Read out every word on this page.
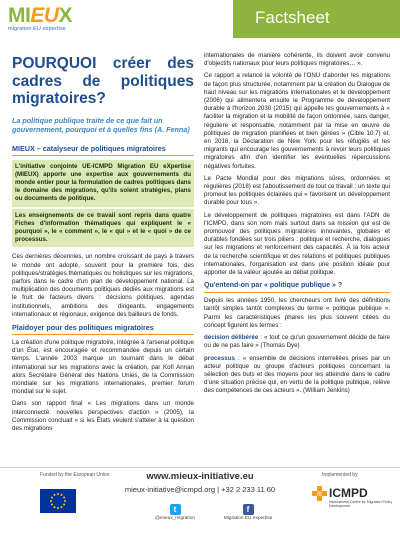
MIEUX
migration EU expertise
Factsheet
POURQUOI créer des cadres de politiques migratoires?
La politique publique traite de ce que fait un gouvernement, pourquoi et à quelles fins (A. Fenna)
MIEUX – catalyseur de politiques migratoires
L'initiative conjointe UE-ICMPD Migration EU eXpertise (MIEUX) apporte une expertise aux gouvernements du monde entier pour la formulation de cadres politiques dans le domaine des migrations, qu'ils soient stratégies, plans ou documents de politique.
Les enseignements de ce travail sont repris dans quatre Fiches d'information thématiques qui expliquent le « pourquoi », le « comment », le « qui » et le « quoi » de ce processus.

Ces dernières décennies, un nombre croissant de pays à travers le monde ont adopté, souvent pour la première fois, des politiques/stratégies thématiques ou holistiques sur les migrations, parfois dans le cadre d'un plan de développement national. La multiplication des documents politiques dédiés aux migrations est le fruit de facteurs divers : décisions politiques, agendas institutionnels, ambitions des dirigeants, engagements internationaux et régionaux, exigence des bailleurs de fonds.

Plaidoyer pour des politiques migratoires

La création d'une politique migratoire, intégrée à l'arsenal politique d'un État, est encouragée et recommandée depuis un certain temps. L'année 2003 marque un tournant dans le débat international sur les migrations avec la création, par Kofi Annan alors Secrétaire Général des Nations Unies, de la Commission mondiale sur les migrations internationales, premier forum mondial sur le sujet.

Dans son rapport final « Les migrations dans un monde interconnecté: nouvelles perspectives d'action » (2005), la Commission concluait « si les États veulent s'atteler à la question des migrations

internationales de manière cohérente, ils doivent avoir convenu d'objectifs nationaux pour leurs politiques migratoires… ».

Ce rapport a relancé la volonté de l'ONU d'aborder les migrations de façon plus structurée, notamment par la création du Dialogue de haut niveau sur les migrations internationales et le développement (2006) qui alimentera ensuite le Programme de développement durable à l'horizon 2030 (2015) qui appelle les gouvernements à « faciliter la migration et la mobilité de façon ordonnée, sans danger, régulière et responsable, notamment par la mise en œuvre de politiques de migration planifiées et bien gérées » (Cible 10.7) et, en 2016, la Déclaration de New York pour les réfugiés et les migrants qui encourage les gouvernements à revoir leurs politiques migratoires afin d'en identifier les éventuelles répercussions négatives fortuites.

Le Pacte Mondial pour des migrations sûres, ordonnées et régulières (2018) est l'aboutissement de tout ce travail : un texte qui promeut les politiques éclairées qui « favorisent un développement durable pour tous ».

Le développement de politiques migratoires est dans l'ADN de l'ICMPD, dans son nom mais surtout dans sa mission qui est de promouvoir des politiques migratoires innovantes, globales et durables fondées sur trois piliers : politique et recherche, dialogues sur les migrations et renforcement des capacités. À la fois acteur de la recherche scientifique et des relations et politiques publiques internationales, l'organisation est dans une position idéale pour apporter de la valeur ajoutée au débat politique.

Qu'entend-on par « politique publique » ?

Depuis les années 1950, les chercheurs ont livré des définitions tantôt simples tantôt complexes du terme « politique publique ». Parmi les caractéristiques phares les plus souvent citées du concept figurent les termes :

décision délibérée : « tout ce qu'un gouvernement décide de faire ou de ne pas faire » (Thomas Dye)

processus : « ensemble de décisions interreliées prises par un acteur politique ou groupe d'acteurs politiques concernant la sélection des buts et des moyens pour les atteindre dans le cadre d'une situation précise qui, en vertu de la politique publique, relève des compétences de ces acteurs ». (William Jenkins)

Funded by the European Union	Implemented by
www.mieux-initiative.eu
mieux-initiative@icmpd.org | +32 2 233 11 60
t
@mieux_migration
f
Migration EU expertise
ICMPD
International Centre for Migration Policy Development
